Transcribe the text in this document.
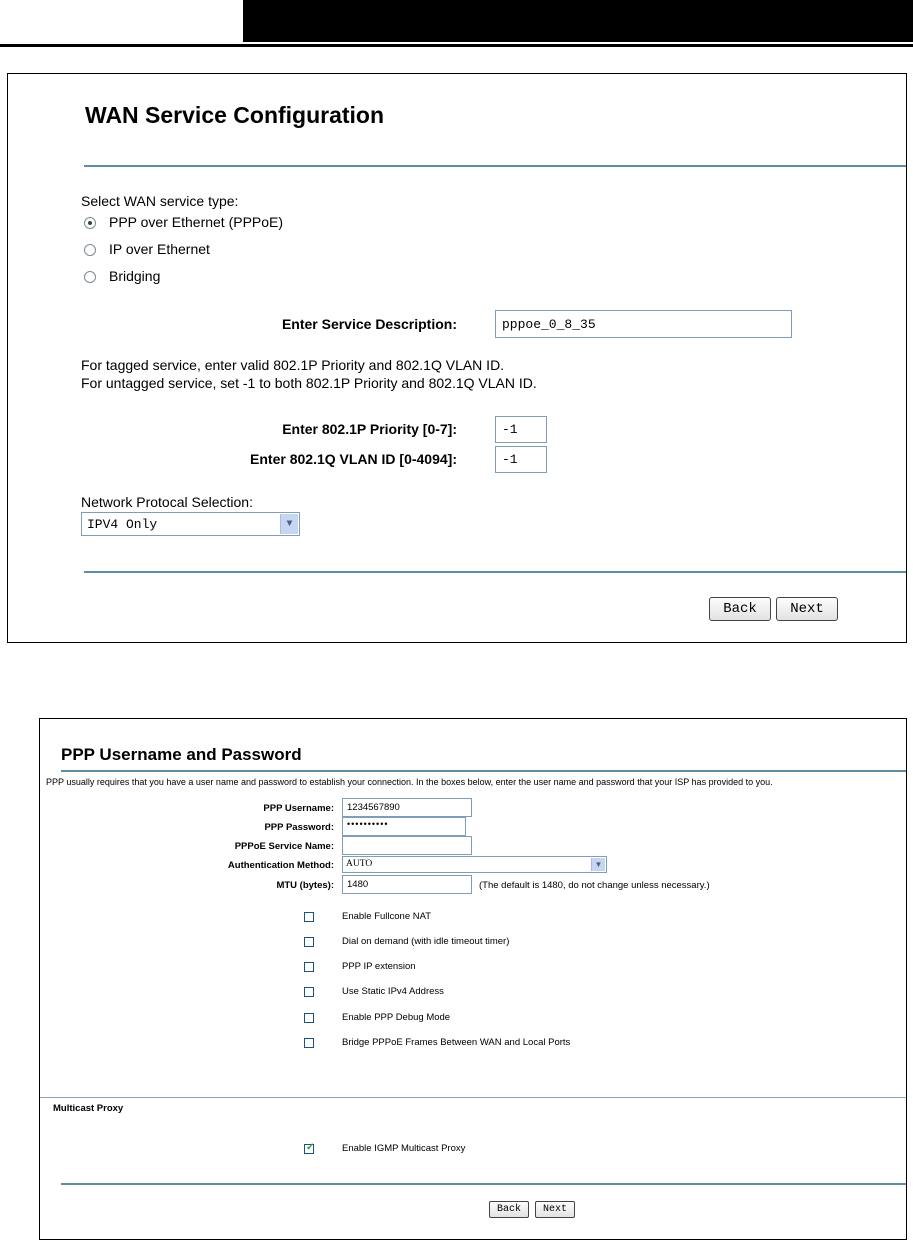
WAN Service Configuration
Select WAN service type:
PPP over Ethernet (PPPoE)
IP over Ethernet
Bridging
Enter Service Description:
pppoe_0_8_35
For tagged service, enter valid 802.1P Priority and 802.1Q VLAN ID.
For untagged service, set -1 to both 802.1P Priority and 802.1Q VLAN ID.
Enter 802.1P Priority [0-7]:
-1
Enter 802.1Q VLAN ID [0-4094]:
-1
Network Protocal Selection:
IPV4 Only	▼
Back	Next
PPP Username and Password
PPP usually requires that you have a user name and password to establish your connection. In the boxes below, enter the user name and password that your ISP has provided to you.
PPP Username:
1234567890
PPP Password:	••••••••••
PPPoE Service Name:
Authentication Method: AUTO	▼
MTU (bytes):
1480	(The default is 1480, do not change unless necessary.)
Enable Fullcone NAT
Dial on demand (with idle timeout timer)
PPP IP extension
Use Static IPv4 Address
Enable PPP Debug Mode
Bridge PPPoE Frames Between WAN and Local Ports
Multicast Proxy
✓	Enable IGMP Multicast Proxy
Back	Next
